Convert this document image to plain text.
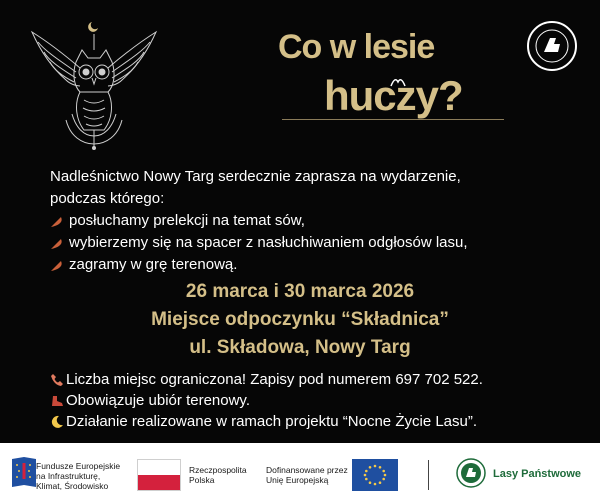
Co w lesie
huczy?
Nadleśnictwo Nowy Targ serdecznie zaprasza na wydarzenie,
podczas którego:
posłuchamy prelekcji na temat sów,
wybierzemy się na spacer z nasłuchiwaniem odgłosów lasu,
zagramy w grę terenową.
26 marca i 30 marca 2026
Miejsce odpoczynku “Składnica”
ul. Składowa, Nowy Targ
Liczba miejsc ograniczona! Zapisy pod numerem 697 702 522.
Obowiązuje ubiór terenowy.
Działanie realizowane w ramach projektu “Nocne Życie Lasu”.
Fundusze Europejskie
na Infrastrukturę,
Klimat, Środowisko
Rzeczpospolita
Polska
Dofinansowane przez
Unię Europejską	Lasy Państwowe
